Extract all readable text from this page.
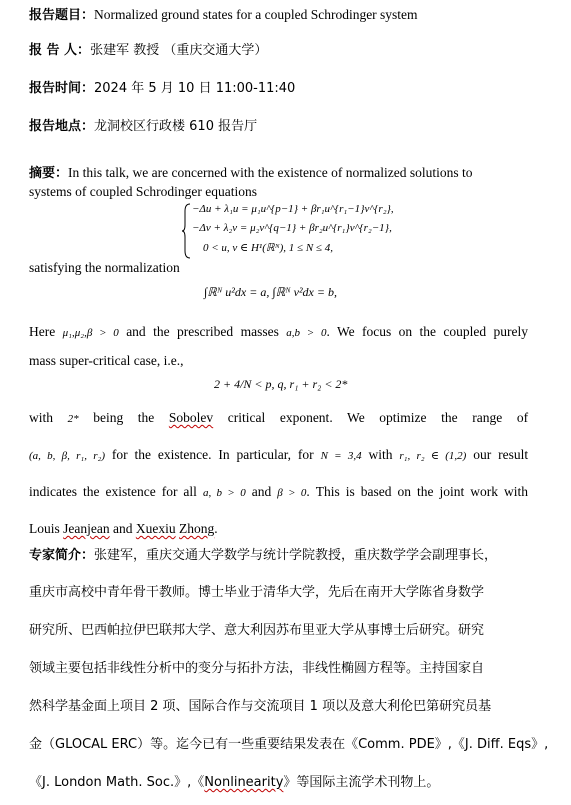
报告题目：Normalized ground states for a coupled Schrodinger system
报 告 人：张建军 教授 （重庆交通大学）
报告时间：2024 年 5 月 10 日 11:00-11:40
报告地点：龙洞校区行政楼 610 报告厅
摘要：In this talk, we are concerned with the existence of normalized solutions to
systems of coupled Schrodinger equations
−Δu + λ₁u = μ₁u^{p−1} + βr₁u^{r₁−1}v^{r₂},
−Δv + λ₂v = μ₂v^{q−1} + βr₂u^{r₁}v^{r₂−1},
0 < u, v ∈ H¹(ℝᴺ), 1 ≤ N ≤ 4,
satisfying the normalization
∫ℝᴺ u²dx = a, ∫ℝᴺ v²dx = b,
Here μ₁,μ₂,β > 0 and the prescribed masses a,b > 0. We focus on the coupled purely
mass super-critical case, i.e.,
2 + 4/N < p, q, r₁ + r₂ < 2*
with 2* being the Sobolev critical exponent. We optimize the range of
(a, b, β, r₁, r₂) for the existence. In particular, for N = 3,4 with r₁, r₂ ∈ (1,2) our result
indicates the existence for all a, b > 0 and β > 0. This is based on the joint work with
Louis Jeanjean and Xuexiu Zhong.
专家简介：张建军，重庆交通大学数学与统计学院教授，重庆数学学会副理事长，
重庆市高校中青年骨干教师。博士毕业于清华大学，先后在南开大学陈省身数学
研究所、巴西帕拉伊巴联邦大学、意大利因苏布里亚大学从事博士后研究。研究
领域主要包括非线性分析中的变分与拓扑方法，非线性椭圆方程等。主持国家自
然科学基金面上项目 2 项、国际合作与交流项目 1 项以及意大利伦巴第研究员基
金（GLOCAL ERC）等。迄今已有一些重要结果发表在《Comm. PDE》,《J. Diff. Eqs》,
《J. London Math. Soc.》,《Nonlinearity》等国际主流学术刊物上。
